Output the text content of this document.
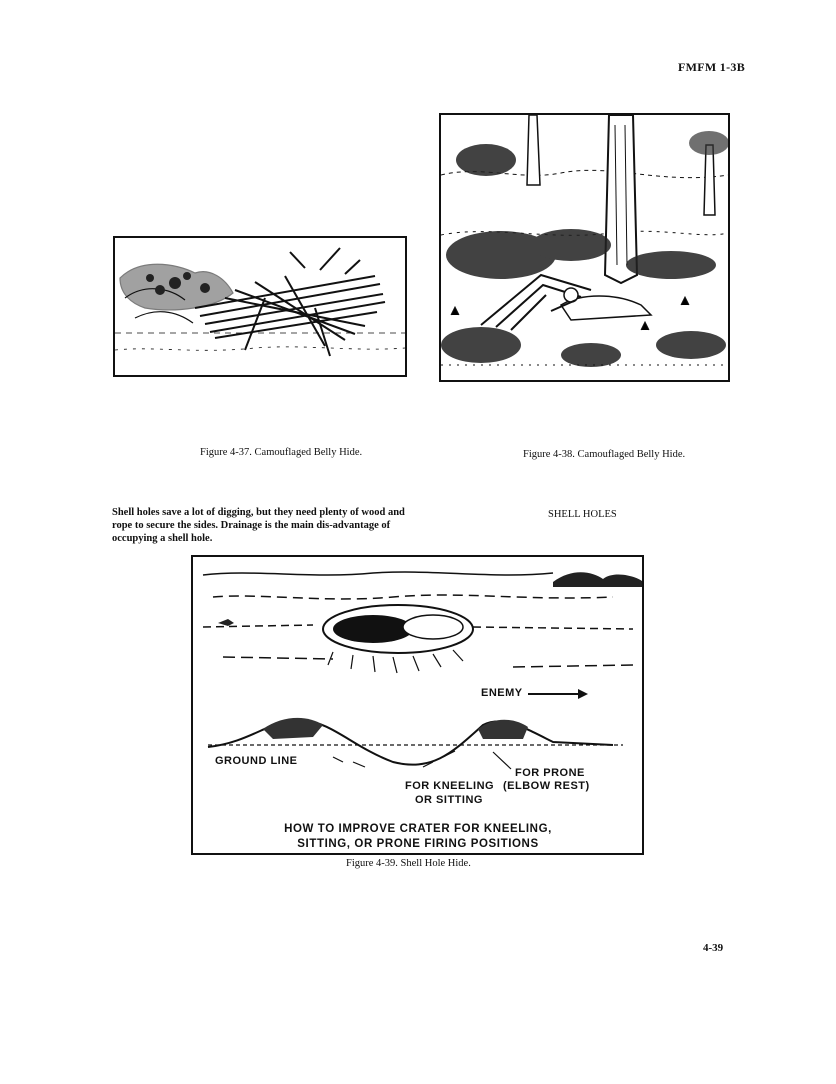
FMFM 1-3B
Figure 4-37. Camouflaged Belly Hide.	Figure 4-38. Camouflaged Belly Hide.
Shell holes save a lot of digging, but they need plenty of wood and rope to secure the sides. Drainage is the main dis-advantage of occupying a shell hole.
SHELL HOLES
ENEMY
GROUND LINE
FOR PRONE
FOR KNEELING (ELBOW REST)
OR SITTING
HOW TO IMPROVE CRATER FOR KNEELING,
SITTING, OR PRONE FIRING POSITIONS
Figure 4-39. Shell Hole Hide.
4-39
